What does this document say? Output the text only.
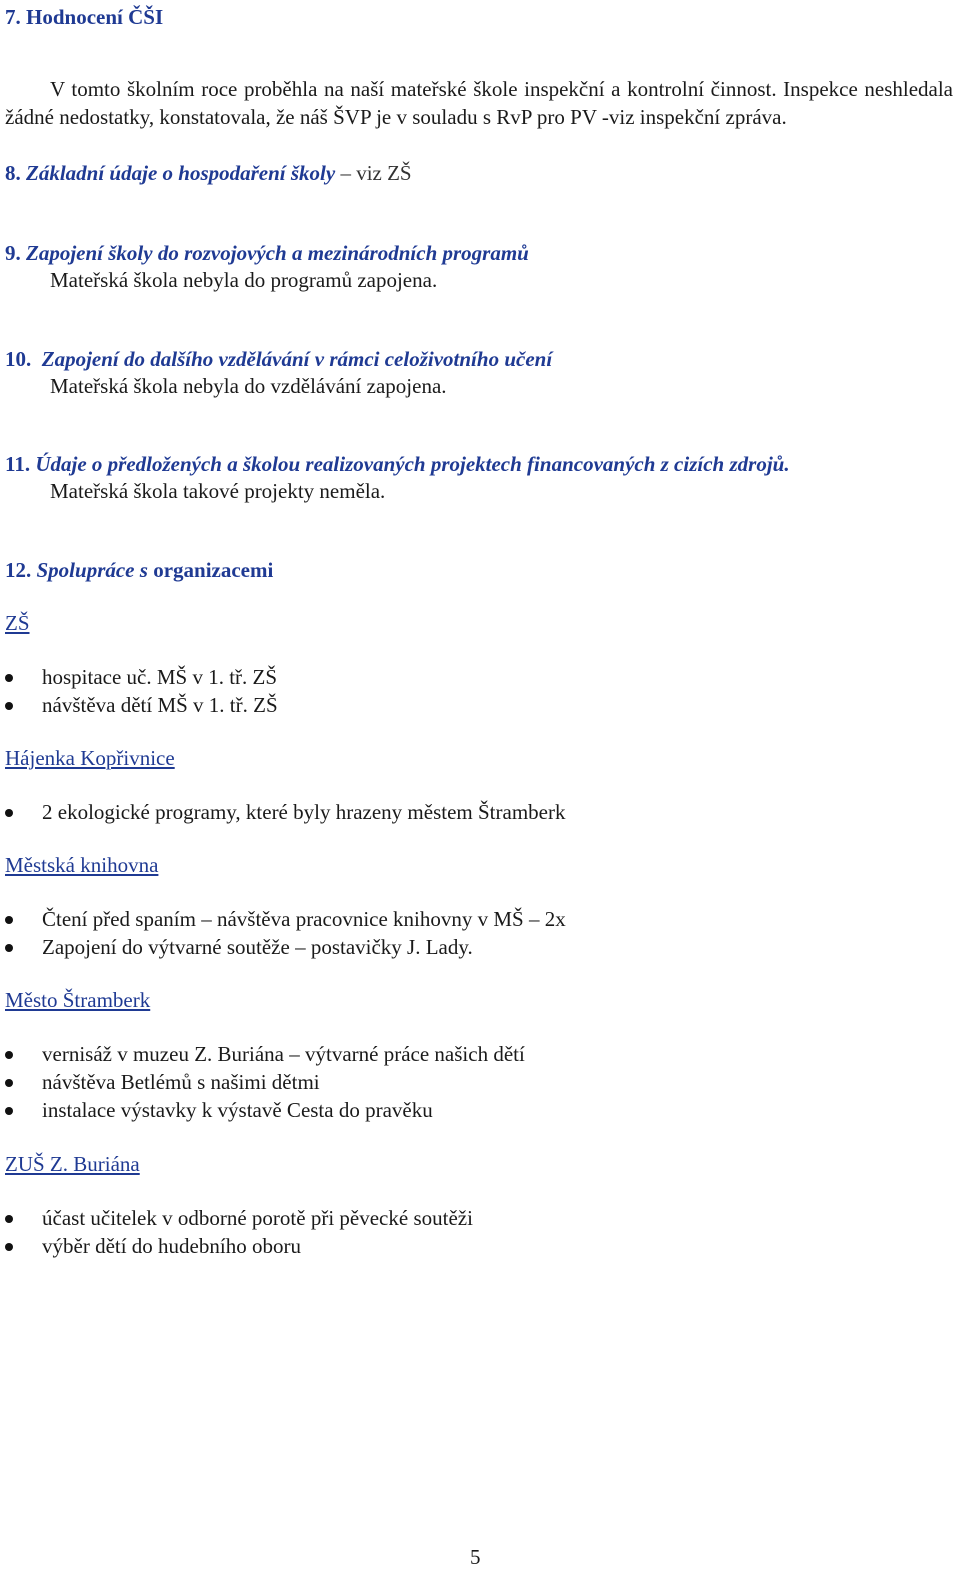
7. Hodnocení ČŠI

V tomto školním roce proběhla na naší mateřské škole inspekční a kontrolní činnost. Inspekce neshledala žádné nedostatky, konstatovala, že náš ŠVP je v souladu s RvP pro PV -viz inspekční zpráva.

8. Základní údaje o hospodaření školy – viz ZŠ
9. Zapojení školy do rozvojových a mezinárodních programů
Mateřská škola nebyla do programů zapojena.
10. Zapojení do dalšího vzdělávání v rámci celoživotního učení
Mateřská škola nebyla do vzdělávání zapojena.
11. Údaje o předložených a školou realizovaných projektech financovaných z cizích zdrojů.
Mateřská škola takové projekty neměla.
12. Spolupráce s organizacemi
ZŠ
hospitace uč. MŠ v 1. tř. ZŠ
návštěva dětí MŠ v 1. tř. ZŠ
Hájenka Kopřivnice
2 ekologické programy, které byly hrazeny městem Štramberk
Městská knihovna
Čtení před spaním – návštěva pracovnice knihovny v MŠ – 2x
Zapojení do výtvarné soutěže – postavičky J. Lady.
Město Štramberk
vernisáž v muzeu Z. Buriána – výtvarné práce našich dětí
návštěva Betlémů s našimi dětmi
instalace výstavky k výstavě Cesta do pravěku
ZUŠ Z. Buriána
účast učitelek v odborné porotě při pěvecké soutěži
výběr dětí do hudebního oboru
5
